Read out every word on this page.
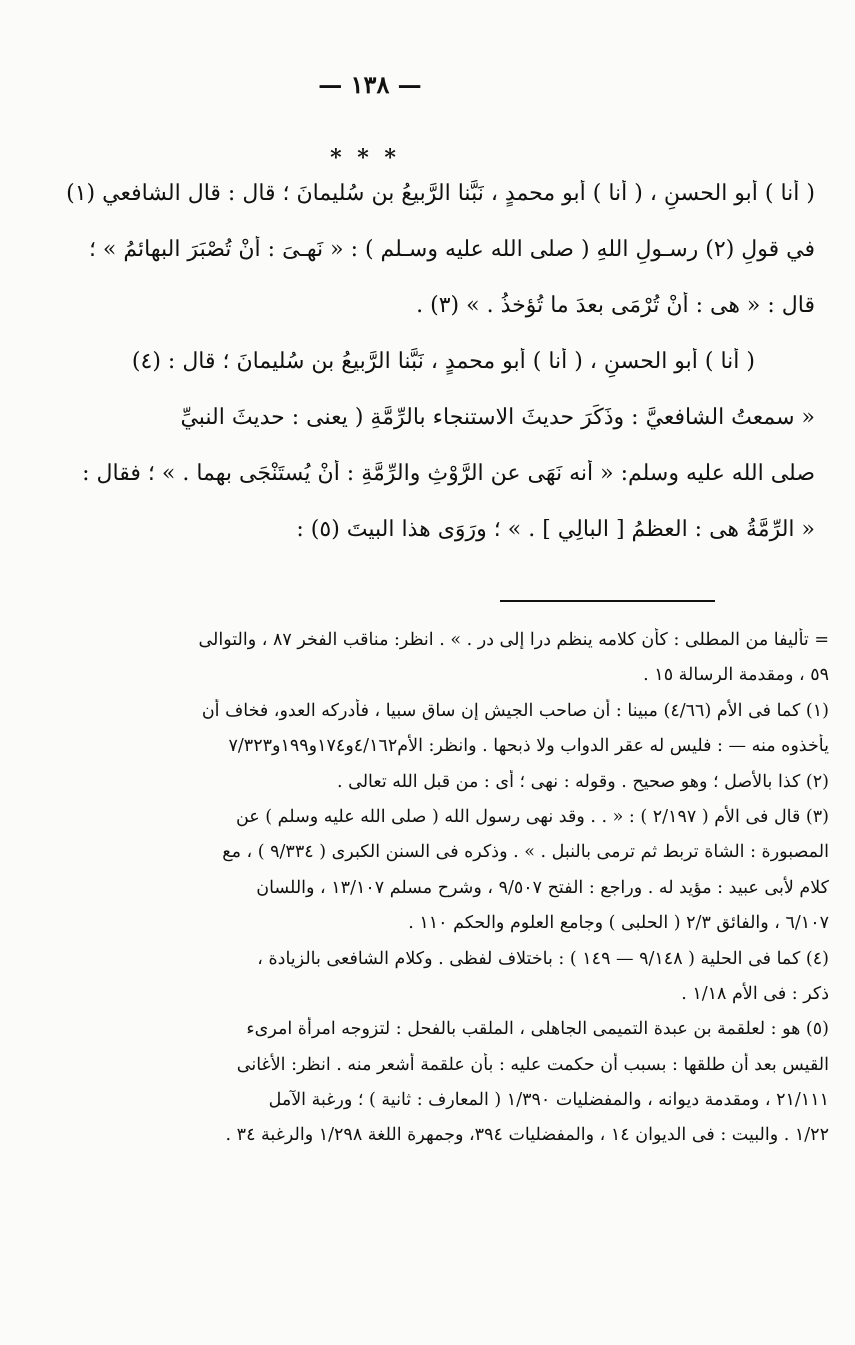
— ١٣٨ —
* * *
( أنا ) أبو الحسنِ ، ( أنا ) أبو محمدٍ ، نَبَّنا الرَّبيعُ بن سُليمانَ ؛ قال : قال الشافعي (١)
في قولِ (٢) رسـولِ اللهِ ( صلى الله عليه وسـلم ) : « نَهـىَ : أنْ تُصْبَرَ البهائمُ » ؛
قال : « هى : أنْ تُرْمَى بعدَ ما تُؤخذُ . » (٣) .
( أنا ) أبو الحسنِ ، ( أنا ) أبو محمدٍ ، نَبَّنا الرَّبيعُ بن سُليمانَ ؛ قال : (٤)
« سمعتُ الشافعيَّ : وذَكَرَ حديثَ الاستنجاء بالرِّمَّةِ ( يعنى : حديثَ النبيِّ
صلى الله عليه وسلم: « أنه نَهَى عن الرَّوْثِ والرِّمَّةِ : أنْ يُستَنْجَى بهما . » ؛ فقال :
« الرِّمَّةُ هى : العظمُ [ البالِي ] . » ؛ ورَوَى هذا البيتَ (٥) :
= تأليفا من المطلى : كأن كلامه ينظم درا إلى در . » . انظر: مناقب الفخر ٨٧ ، والتوالى
٥٩ ، ومقدمة الرسالة ١٥ .
(١) كما فى الأم (٤/٦٦) مبينا : أن صاحب الجيش إن ساق سبيا ، فأدركه العدو، فخاف أن
يأخذوه منه — : فليس له عقر الدواب ولا ذبحها . وانظر: الأم٤/١٦٢و١٧٤و١٩٩و٧/٣٢٣
(٢) كذا بالأصل ؛ وهو صحيح . وقوله : نهى ؛ أى : من قبل الله تعالى .
(٣) قال فى الأم ( ٢/١٩٧ ) : « . . وقد نهى رسول الله ( صلى الله عليه وسلم ) عن
المصبورة : الشاة تربط ثم ترمى بالنبل . » . وذكره فى السنن الكبرى ( ٩/٣٣٤ ) ، مع
كلام لأبى عبيد : مؤيد له . وراجع : الفتح ٩/٥٠٧ ، وشرح مسلم ١٣/١٠٧ ، واللسان
٦/١٠٧ ، والفائق ٢/٣ ( الحلبى ) وجامع العلوم والحكم ١١٠ .
(٤) كما فى الحلية ( ٩/١٤٨ — ١٤٩ ) : باختلاف لفظى . وكلام الشافعى بالزيادة ،
ذكر : فى الأم ١/١٨ .
(٥) هو : لعلقمة بن عبدة التميمى الجاهلى ، الملقب بالفحل : لتزوجه امرأة امرىء
القيس بعد أن طلقها : بسبب أن حكمت عليه : بأن علقمة أشعر منه . انظر: الأغانى
٢١/١١١ ، ومقدمة ديوانه ، والمفضليات ١/٣٩٠ ( المعارف : ثانية ) ؛ ورغبة الآمل
١/٢٢ . والبيت : فى الديوان ١٤ ، والمفضليات ٣٩٤، وجمهرة اللغة ١/٢٩٨ والرغبة ٣٤ .
